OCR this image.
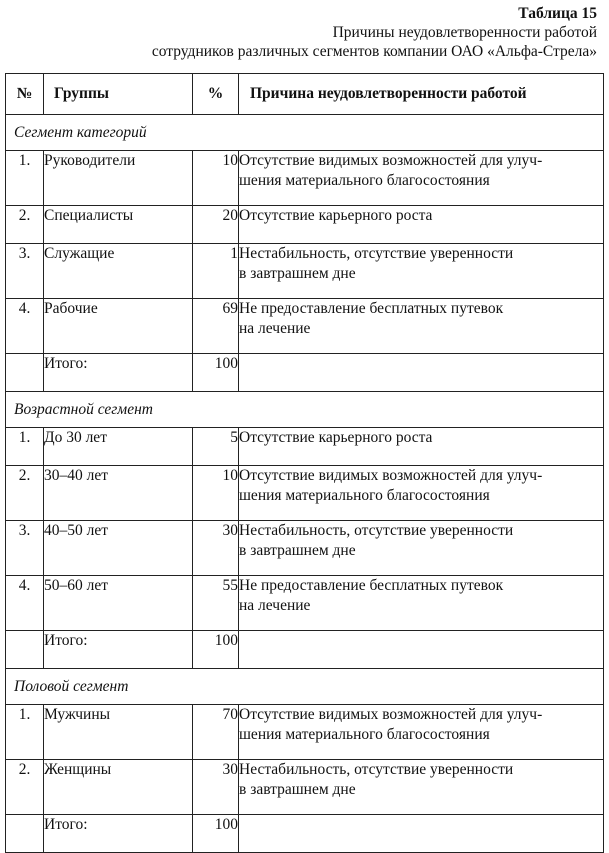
Таблица 15
Причины неудовлетворенности работой
сотрудников различных сегментов компании ОАО «Альфа-Стрела»
№	Группы	%	Причина неудовлетворенности работой
Сегмент категорий			
1.	Руководители	10	Отсутствие видимых возможностей для улуч-
шения материального благосостояния

2.	Специалисты	20	Отсутствие карьерного роста

3.	Служащие	1	Нестабильность, отсутствие уверенности
в завтрашнем дне

4.	Рабочие	69	Не предоставление бесплатных путевок
на лечение

	Итого:	100	
Возрастной сегмент			
1.	До 30 лет	5	Отсутствие карьерного роста

2.	30–40 лет	10	Отсутствие видимых возможностей для улуч-
шения материального благосостояния

3.	40–50 лет	30	Нестабильность, отсутствие уверенности
в завтрашнем дне

4.	50–60 лет	55	Не предоставление бесплатных путевок
на лечение

	Итого:	100	
Половой сегмент			
1.	Мужчины	70	Отсутствие видимых возможностей для улуч-
шения материального благосостояния

2.	Женщины	30	Нестабильность, отсутствие уверенности
в завтрашнем дне

	Итого:	100	
